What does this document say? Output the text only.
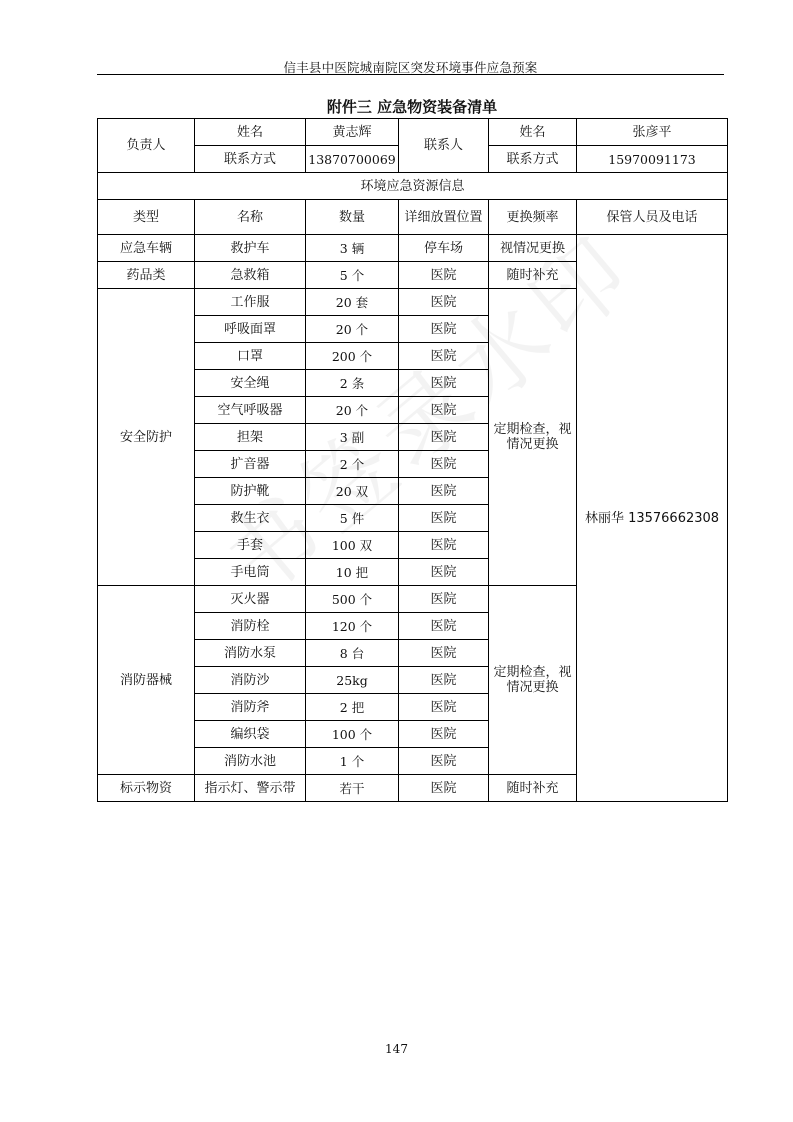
信丰县中医院城南院区突发环境事件应急预案
附件三 应急物资装备清单
负责人	姓名	黄志辉	联系人	姓名	张彦平
	联系方式	13870700069		联系方式	15970091173
环境应急资源信息					
类型	名称	数量	详细放置位置	更换频率	保管人员及电话
应急车辆	救护车	3 辆	停车场	视情况更换	林丽华 13576662308
药品类	急救箱	5 个	医院	随时补充	
安全防护	工作服	20 套	医院	定期检查，视情况更换	
	呼吸面罩	20 个	医院		
	口罩	200 个	医院		
	安全绳	2 条	医院		
	空气呼吸器	20 个	医院		
	担架	3 副	医院		
	扩音器	2 个	医院		
	防护靴	20 双	医院		
	救生衣	5 件	医院		
	手套	100 双	医院		
	手电筒	10 把	医院		
消防器械	灭火器	500 个	医院	定期检查，视情况更换	
	消防栓	120 个	医院		
	消防水泵	8 台	医院		
	消防沙	25kg	医院		
	消防斧	2 把	医院		
	编织袋	100 个	医院		
	消防水池	1 个	医院		
标示物资	指示灯、警示带	若干	医院	随时补充	
147
